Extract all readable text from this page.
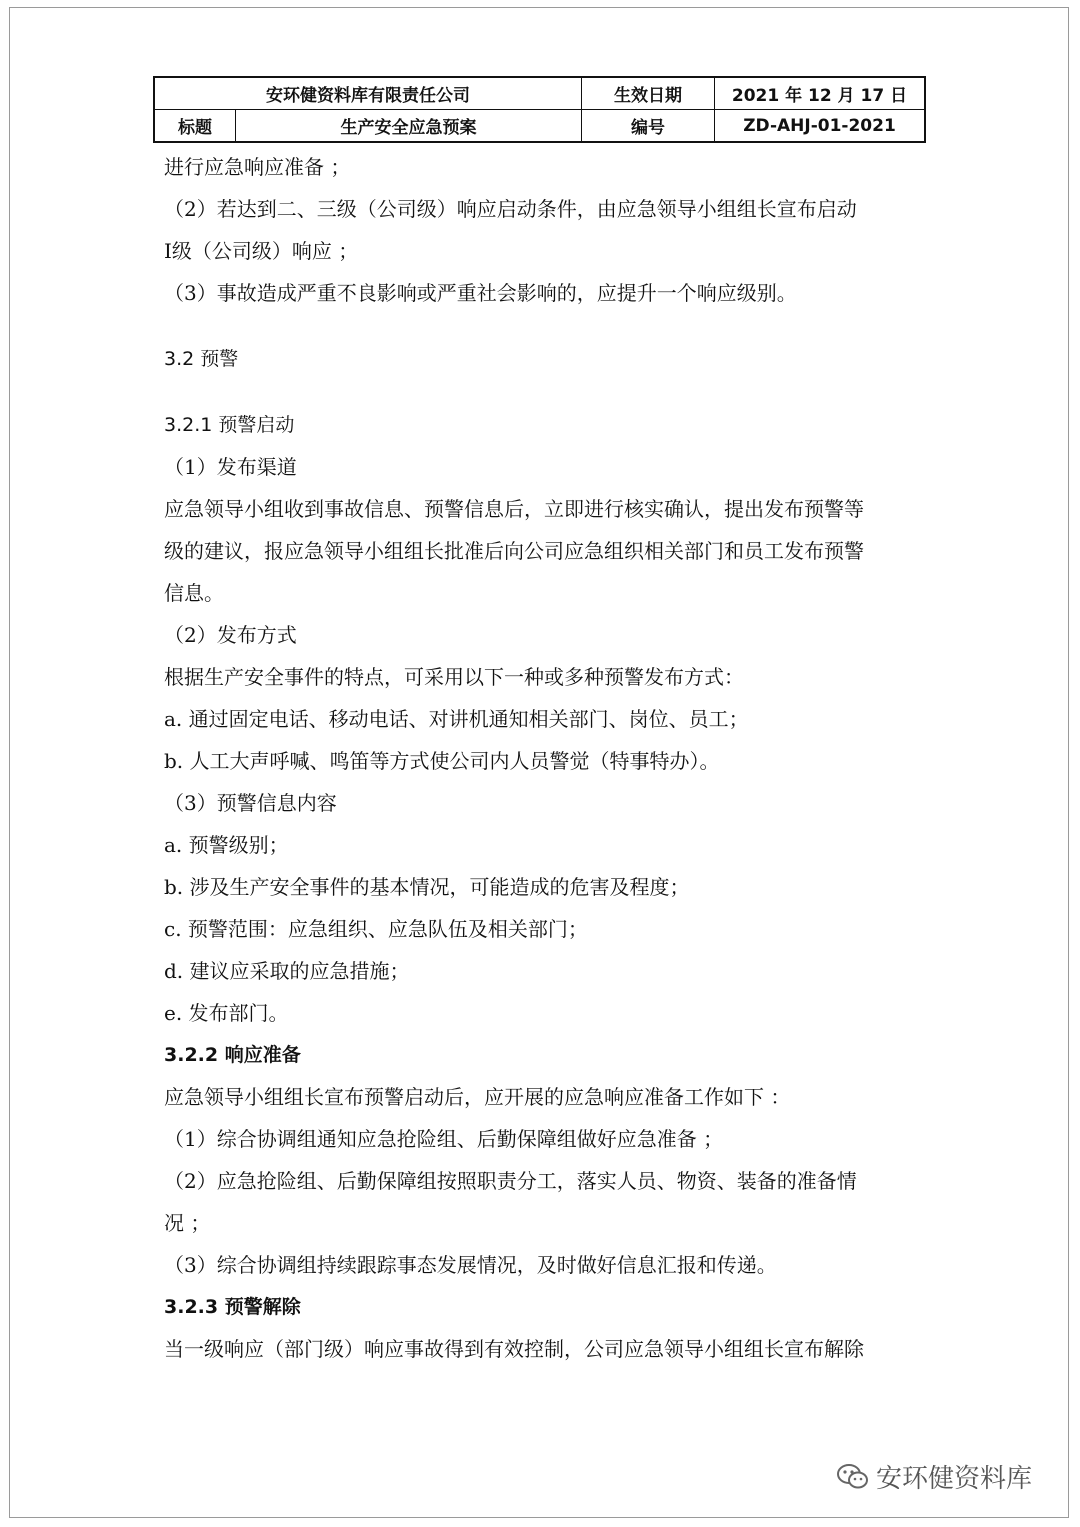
安环健资料库有限责任公司		生效日期	2021 年 12 月 17 日
标题	生产安全应急预案	编号	ZD-AHJ-01-2021

进行应急响应准备 ；

（2）若达到二、三级（公司级）响应启动条件，由应急领导小组组长宣布启动

Ⅰ级（公司级）响应 ；

（3）事故造成严重不良影响或严重社会影响的，应提升一个响应级别。

3.2 预警

3.2.1 预警启动

（1）发布渠道

应急领导小组收到事故信息、预警信息后，立即进行核实确认，提出发布预警等

级的建议，报应急领导小组组长批准后向公司应急组织相关部门和员工发布预警

信息。

（2）发布方式

根据生产安全事件的特点，可采用以下一种或多种预警发布方式：

a. 通过固定电话、移动电话、对讲机通知相关部门、岗位、员工；

b. 人工大声呼喊、鸣笛等方式使公司内人员警觉（特事特办）。

（3）预警信息内容

a. 预警级别；

b. 涉及生产安全事件的基本情况，可能造成的危害及程度；

c. 预警范围：应急组织、应急队伍及相关部门；

d. 建议应采取的应急措施；

e. 发布部门。

3.2.2 响应准备

应急领导小组组长宣布预警启动后，应开展的应急响应准备工作如下 ：

（1）综合协调组通知应急抢险组、后勤保障组做好应急准备 ；

（2）应急抢险组、后勤保障组按照职责分工，落实人员、物资、装备的准备情

况 ；

（3）综合协调组持续跟踪事态发展情况，及时做好信息汇报和传递。

3.2.3 预警解除

当一级响应（部门级）响应事故得到有效控制，公司应急领导小组组长宣布解除

安环健资料库
